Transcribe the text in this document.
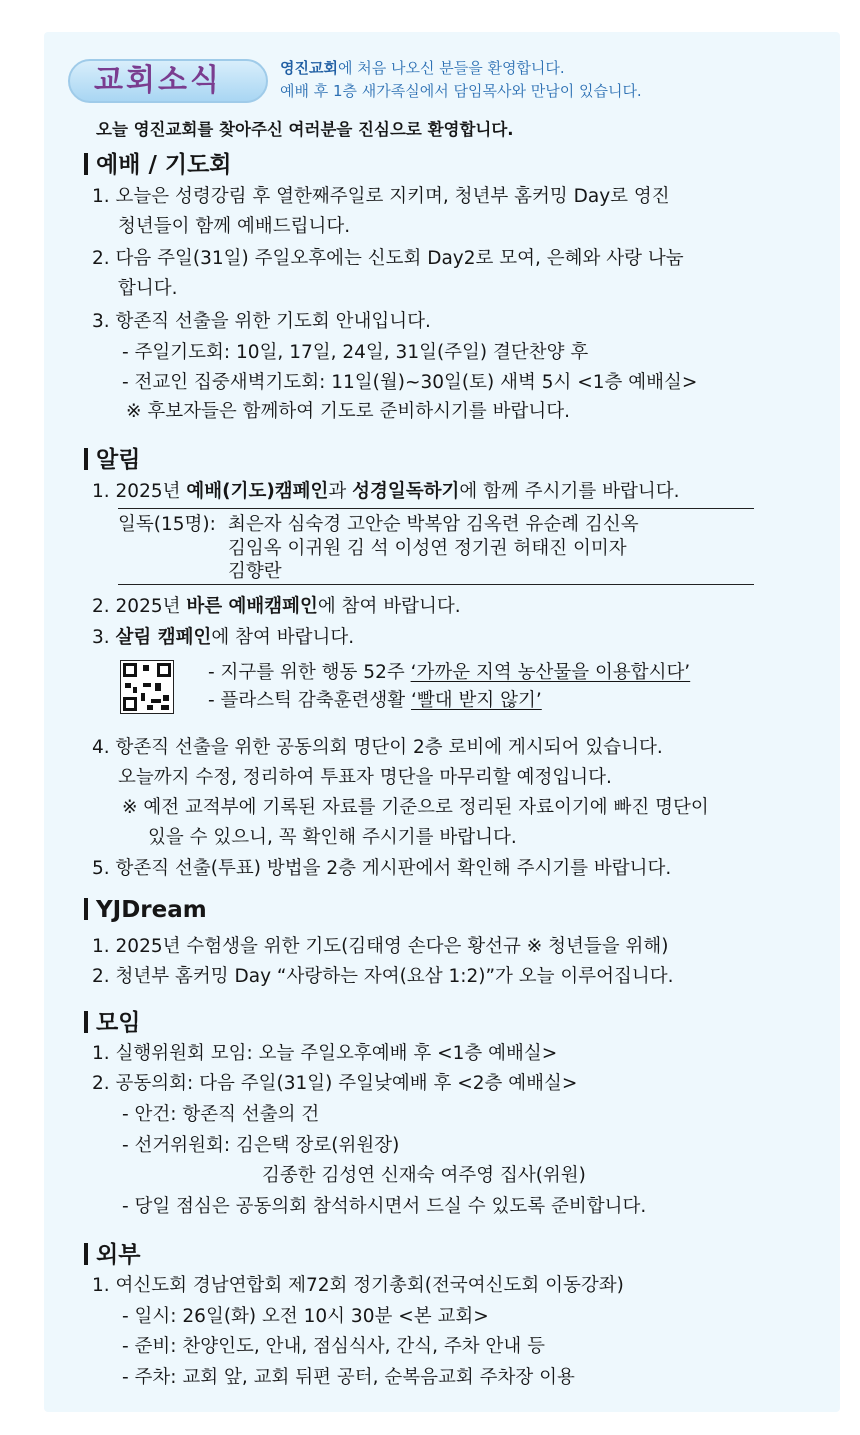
교회소식	영진교회에 처음 나오신 분들을 환영합니다.
예배 후 1층 새가족실에서 담임목사와 만남이 있습니다.
오늘 영진교회를 찾아주신 여러분을 진심으로 환영합니다.
예배 / 기도회
1. 오늘은 성령강림 후 열한째주일로 지키며, 청년부 홈커밍 Day로 영진
청년들이 함께 예배드립니다.
2. 다음 주일(31일) 주일오후에는 신도회 Day2로 모여, 은혜와 사랑 나눔
합니다.
3. 항존직 선출을 위한 기도회 안내입니다.
- 주일기도회: 10일, 17일, 24일, 31일(주일) 결단찬양 후
- 전교인 집중새벽기도회: 11일(월)~30일(토) 새벽 5시 <1층 예배실>
※ 후보자들은 함께하여 기도로 준비하시기를 바랍니다.
알림
1. 2025년 예배(기도)캠페인과 성경일독하기에 함께 주시기를 바랍니다.
일독(15명): 최은자 심숙경 고안순 박복암 김옥련 유순례 김신옥
김임옥 이귀원 김 석 이성연 정기권 허태진 이미자
김향란
2. 2025년 바른 예배캠페인에 참여 바랍니다.
3. 살림 캠페인에 참여 바랍니다.
- 지구를 위한 행동 52주 ‘가까운 지역 농산물을 이용합시다’
- 플라스틱 감축훈련생활 ‘빨대 받지 않기’
4. 항존직 선출을 위한 공동의회 명단이 2층 로비에 게시되어 있습니다.
오늘까지 수정, 정리하여 투표자 명단을 마무리할 예정입니다.
※ 예전 교적부에 기록된 자료를 기준으로 정리된 자료이기에 빠진 명단이
있을 수 있으니, 꼭 확인해 주시기를 바랍니다.
5. 항존직 선출(투표) 방법을 2층 게시판에서 확인해 주시기를 바랍니다.
YJDream
1. 2025년 수험생을 위한 기도(김태영 손다은 황선규 ※ 청년들을 위해)
2. 청년부 홈커밍 Day “사랑하는 자여(요삼 1:2)”가 오늘 이루어집니다.
모임
1. 실행위원회 모임: 오늘 주일오후예배 후 <1층 예배실>
2. 공동의회: 다음 주일(31일) 주일낮예배 후 <2층 예배실>
- 안건: 항존직 선출의 건
- 선거위원회: 김은택 장로(위원장)
김종한 김성연 신재숙 여주영 집사(위원)
- 당일 점심은 공동의회 참석하시면서 드실 수 있도록 준비합니다.
외부
1. 여신도회 경남연합회 제72회 정기총회(전국여신도회 이동강좌)
- 일시: 26일(화) 오전 10시 30분 <본 교회>
- 준비: 찬양인도, 안내, 점심식사, 간식, 주차 안내 등
- 주차: 교회 앞, 교회 뒤편 공터, 순복음교회 주차장 이용
